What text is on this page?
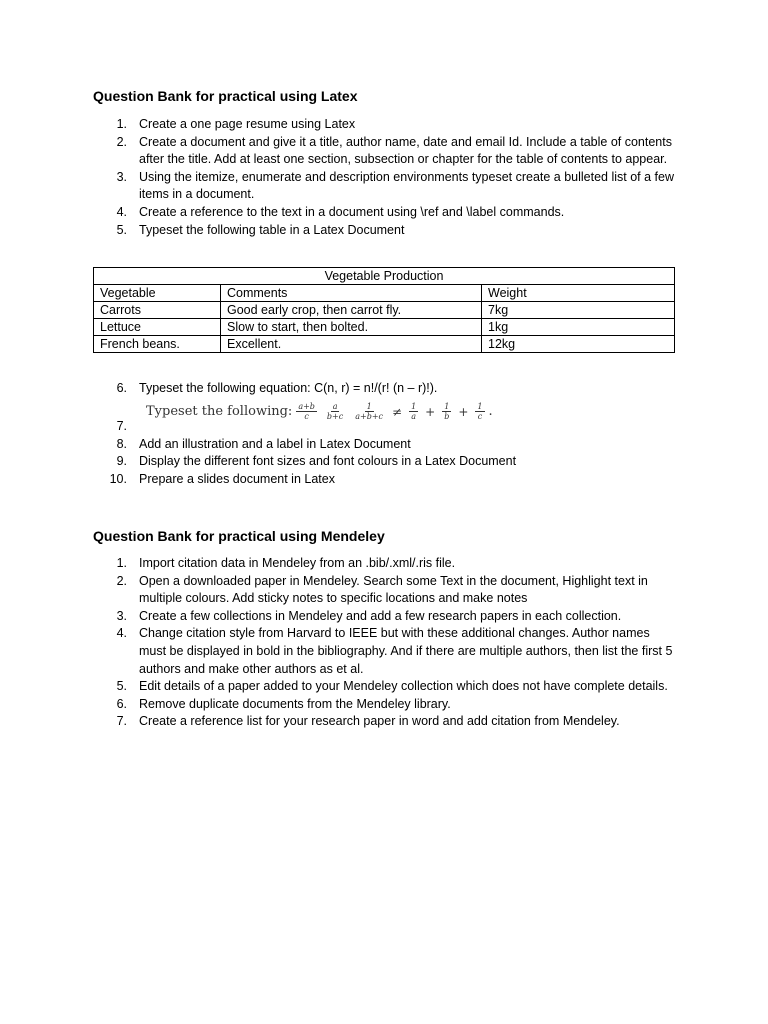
Question Bank for practical using Latex
1. Create a one page resume using Latex
2. Create a document and give it a title, author name, date and email Id. Include a table of contents after the title. Add at least one section, subsection or chapter for the table of contents to appear.
3. Using the itemize, enumerate and description environments typeset create a bulleted list of a few items in a document.
4. Create a reference to the text in a document using \ref and \label commands.
5. Typeset the following table in a Latex Document
Vegetable Production		
Vegetable	Comments	Weight
Carrots	Good early crop, then carrot fly.	7kg
Lettuce	Slow to start, then bolted.	1kg
French beans.	Excellent.	12kg
6. Typeset the following equation: C(n, r) = n!/(r! (n – r)!).
7.
8. Add an illustration and a label in Latex Document
9. Display the different font sizes and font colours in a Latex Document
10. Prepare a slides document in Latex
Typeset the following: $\frac{a+b}{c} \frac{a}{b+c} \frac{1}{a+b+c} \ne \frac{1}{a} + \frac{1}{b} + \frac{1}{c}$ .
Question Bank for practical using Mendeley
1. Import citation data in Mendeley from an .bib/.xml/.ris file.
2. Open a downloaded paper in Mendeley. Search some Text in the document, Highlight text in multiple colours. Add sticky notes to specific locations and make notes
3. Create a few collections in Mendeley and add a few research papers in each collection.
4. Change citation style from Harvard to IEEE but with these additional changes. Author names must be displayed in bold in the bibliography. And if there are multiple authors, then list the first 5 authors and make other authors as et al.
5. Edit details of a paper added to your Mendeley collection which does not have complete details.
6. Remove duplicate documents from the Mendeley library.
7. Create a reference list for your research paper in word and add citation from Mendeley.
